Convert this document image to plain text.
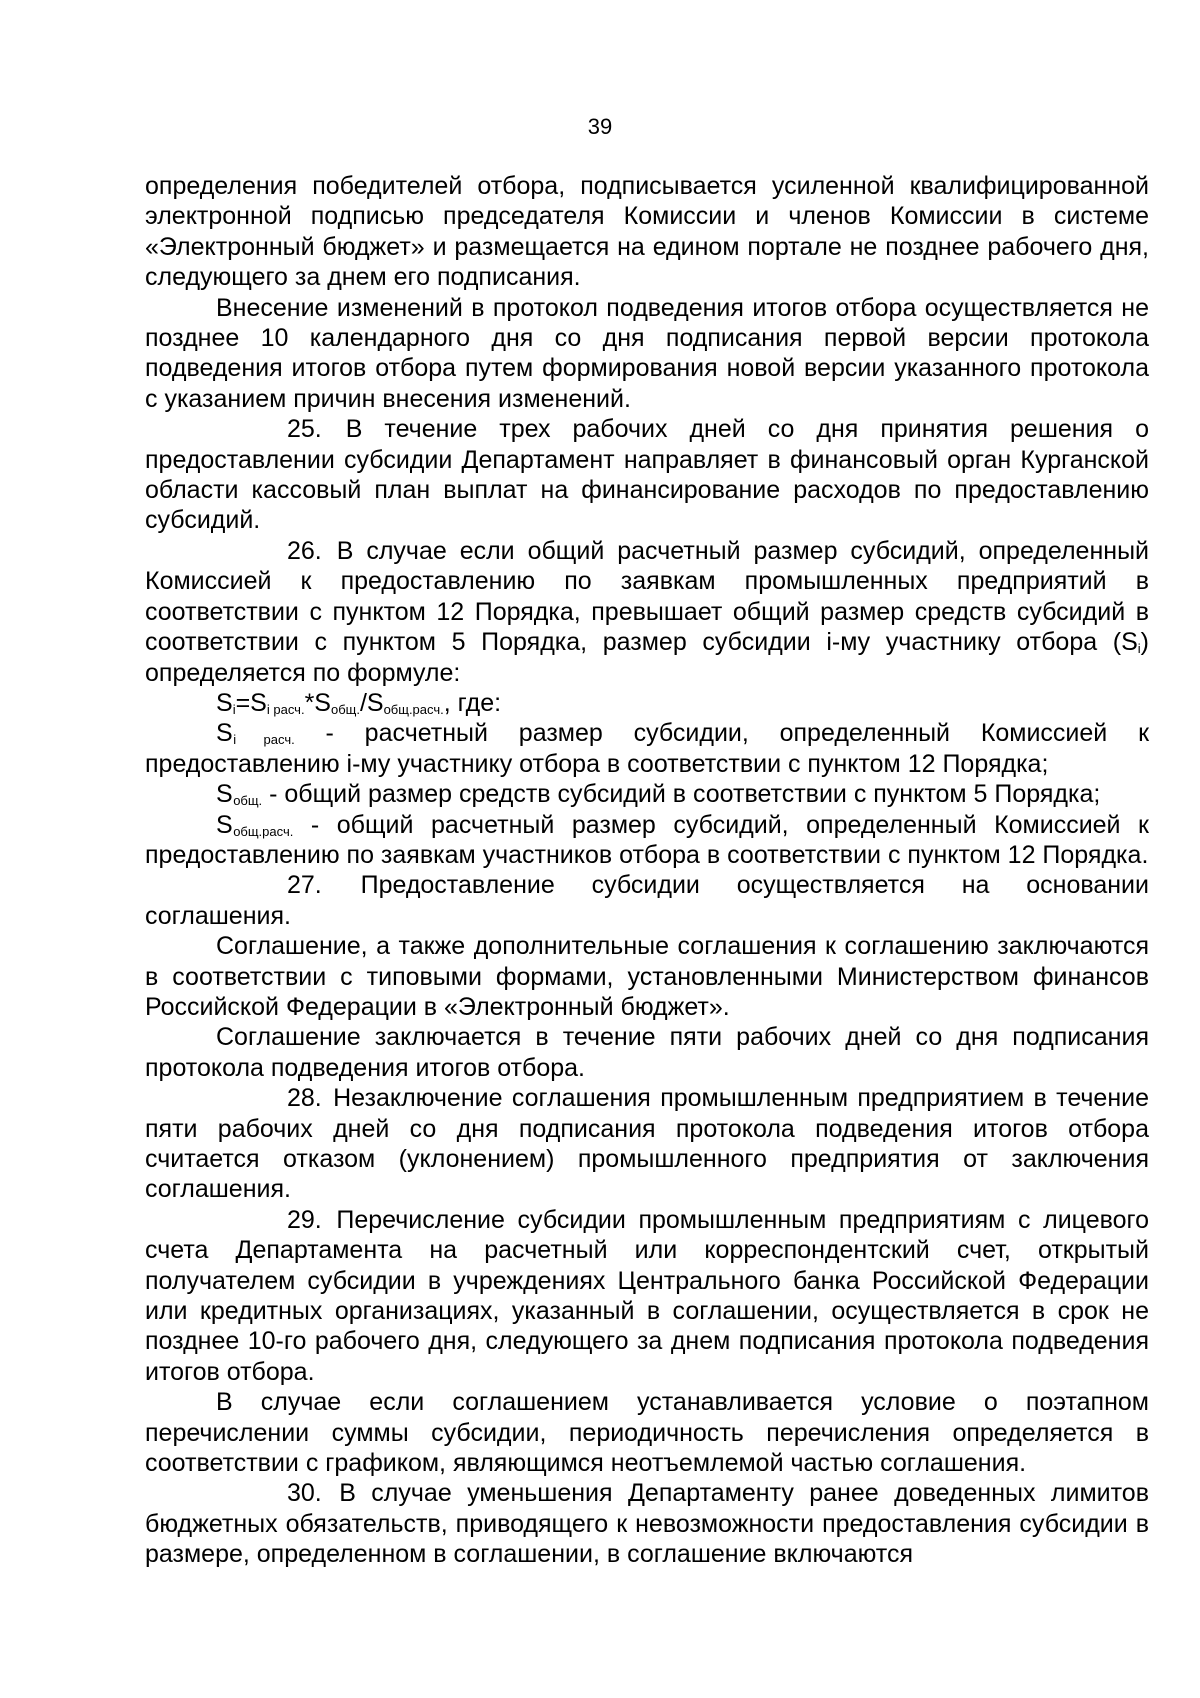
39

определения победителей отбора, подписывается усиленной квалифицированной электронной подписью председателя Комиссии и членов Комиссии в системе «Электронный бюджет» и размещается на едином портале не позднее рабочего дня, следующего за днем его подписания.

Внесение изменений в протокол подведения итогов отбора осуществляется не позднее 10 календарного дня со дня подписания первой версии протокола подведения итогов отбора путем формирования новой версии указанного протокола с указанием причин внесения изменений.

25. В течение трех рабочих дней со дня принятия решения о предоставлении субсидии Департамент направляет в финансовый орган Курганской области кассовый план выплат на финансирование расходов по предоставлению субсидий.

26. В случае если общий расчетный размер субсидий, определенный Комиссией к предоставлению по заявкам промышленных предприятий в соответствии с пунктом 12 Порядка, превышает общий размер средств субсидий в соответствии с пунктом 5 Порядка, размер субсидии i-му участнику отбора $(S_i)$ определяется по формуле:

$S_i=S_{i расч.}*S_{общ.}/S_{общ.расч.}$, где:

$S_{i расч.}$ - расчетный размер субсидии, определенный Комиссией к предоставлению i-му участнику отбора в соответствии с пунктом 12 Порядка;

$S_{общ.}$ - общий размер средств субсидий в соответствии с пунктом 5 Порядка;

$S_{общ.расч.}$ - общий расчетный размер субсидий, определенный Комиссией к предоставлению по заявкам участников отбора в соответствии с пунктом 12 Порядка.

27. Предоставление субсидии осуществляется на основании соглашения.

Соглашение, а также дополнительные соглашения к соглашению заключаются в соответствии с типовыми формами, установленными Министерством финансов Российской Федерации в «Электронный бюджет».

Соглашение заключается в течение пяти рабочих дней со дня подписания протокола подведения итогов отбора.

28. Незаключение соглашения промышленным предприятием в течение пяти рабочих дней со дня подписания протокола подведения итогов отбора считается отказом (уклонением) промышленного предприятия от заключения соглашения.

29. Перечисление субсидии промышленным предприятиям с лицевого счета Департамента на расчетный или корреспондентский счет, открытый получателем субсидии в учреждениях Центрального банка Российской Федерации или кредитных организациях, указанный в соглашении, осуществляется в срок не позднее 10-го рабочего дня, следующего за днем подписания протокола подведения итогов отбора.

В случае если соглашением устанавливается условие о поэтапном перечислении суммы субсидии, периодичность перечисления определяется в соответствии с графиком, являющимся неотъемлемой частью соглашения.

30. В случае уменьшения Департаменту ранее доведенных лимитов бюджетных обязательств, приводящего к невозможности предоставления субсидии в размере, определенном в соглашении, в соглашение включаются
